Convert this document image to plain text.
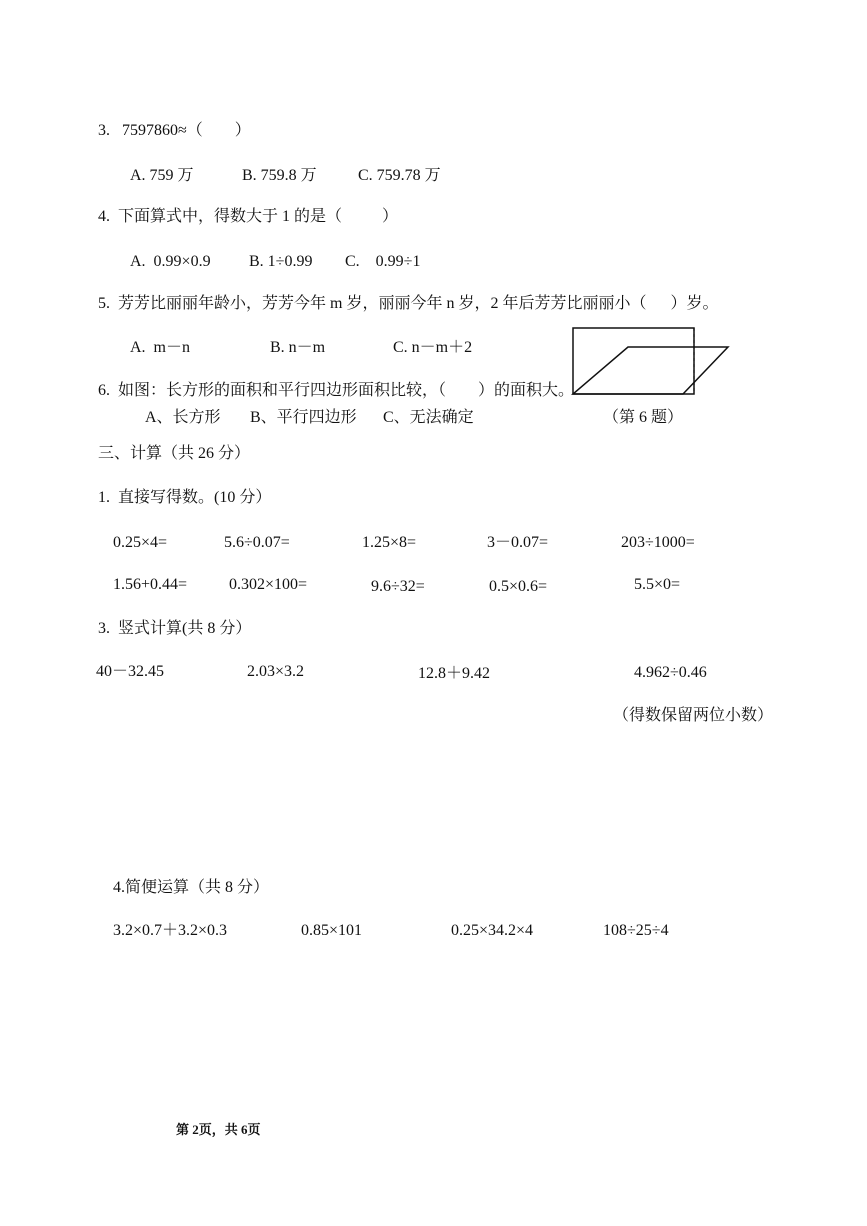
3.   7597860≈（        ）
A. 759 万	B. 759.8 万	C. 759.78 万
4.  下面算式中，得数大于 1 的是（          ）
A.  0.99×0.9 B. 1÷0.99 C.    0.99÷1
5.  芳芳比丽丽年龄小，芳芳今年 m 岁，丽丽今年 n 岁，2 年后芳芳比丽丽小（      ）岁。
A.  m－n	B. n－m	C. n－m＋2
6.  如图：长方形的面积和平行四边形面积比较，（        ）的面积大。
A、长方形 B、平行四边形 C、无法确定	（第 6 题）
三、计算（共 26 分）
1.  直接写得数。(10 分）
0.25×4=	5.6÷0.07=	1.25×8=	3－0.07=	203÷1000=
1.56+0.44=	0.302×100=	9.6÷32=	0.5×0.6=	5.5×0=
3.  竖式计算(共 8 分）
40－32.45	2.03×3.2	12.8＋9.42	4.962÷0.46
（得数保留两位小数）
4.简便运算（共 8 分）
3.2×0.7＋3.2×0.3	0.85×101	0.25×34.2×4	108÷25÷4
第 2页，共 6页
